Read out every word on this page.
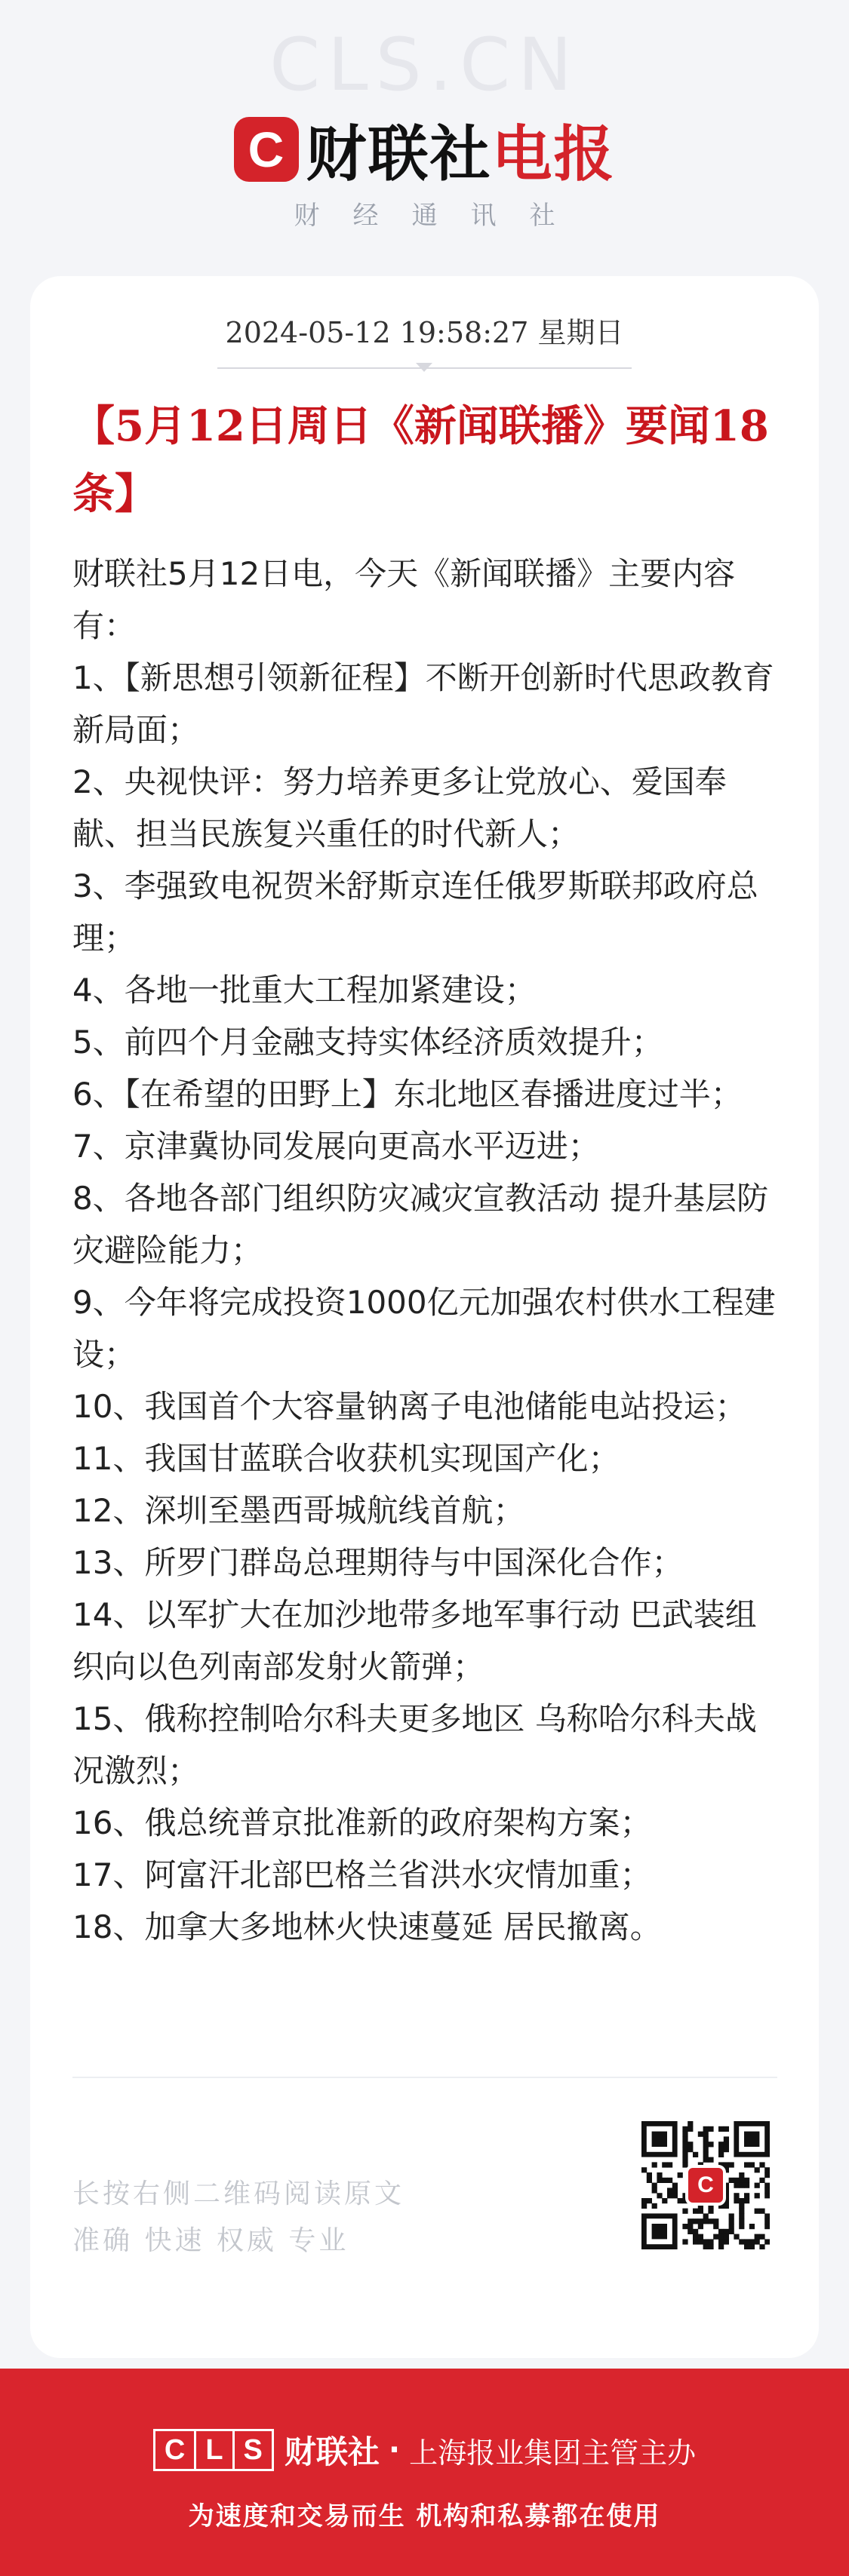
CLS.CN
C 财联社 电报
财经通讯社
2024-05-12 19:58:27 星期日
【5月12日周日《新闻联播》要闻18条】

财联社5月12日电，今天《新闻联播》主要内容有：

1、【新思想引领新征程】不断开创新时代思政教育新局面；

2、央视快评：努力培养更多让党放心、爱国奉献、担当民族复兴重任的时代新人；

3、李强致电祝贺米舒斯京连任俄罗斯联邦政府总理；

4、各地一批重大工程加紧建设；

5、前四个月金融支持实体经济质效提升；

6、【在希望的田野上】东北地区春播进度过半；

7、京津冀协同发展向更高水平迈进；

8、各地各部门组织防灾减灾宣教活动 提升基层防灾避险能力；

9、今年将完成投资1000亿元加强农村供水工程建设；

10、我国首个大容量钠离子电池储能电站投运；

11、我国甘蓝联合收获机实现国产化；

12、深圳至墨西哥城航线首航；

13、所罗门群岛总理期待与中国深化合作；

14、以军扩大在加沙地带多地军事行动 巴武装组织向以色列南部发射火箭弹；

15、俄称控制哈尔科夫更多地区 乌称哈尔科夫战况激烈；

16、俄总统普京批准新的政府架构方案；

17、阿富汗北部巴格兰省洪水灾情加重；

18、加拿大多地林火快速蔓延 居民撤离。

长按右侧二维码阅读原文
准确 快速 权威 专业
C
C L S 财联社 · 上海报业集团主管主办
为速度和交易而生 机构和私募都在使用
